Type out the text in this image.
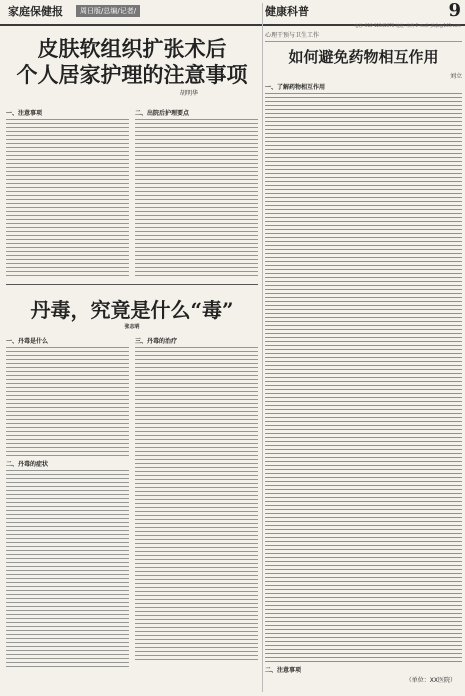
家庭保健报	周日版/总编/记者/	健康科普	9
电话: 010-12345678 地址: 示例 E-mail: jtbjb@163.com
皮肤软组织扩张术后
个人居家护理的注意事项
胡明华
一、注意事项	二、出院后护理要点
丹毒，究竟是什么“毒”
张志明
一、丹毒是什么
二、丹毒的症状
三、丹毒的治疗
心理干预与卫生工作
如何避免药物相互作用
刘立
一、了解药物相互作用
二、注意事项
（单位：XX医院）
